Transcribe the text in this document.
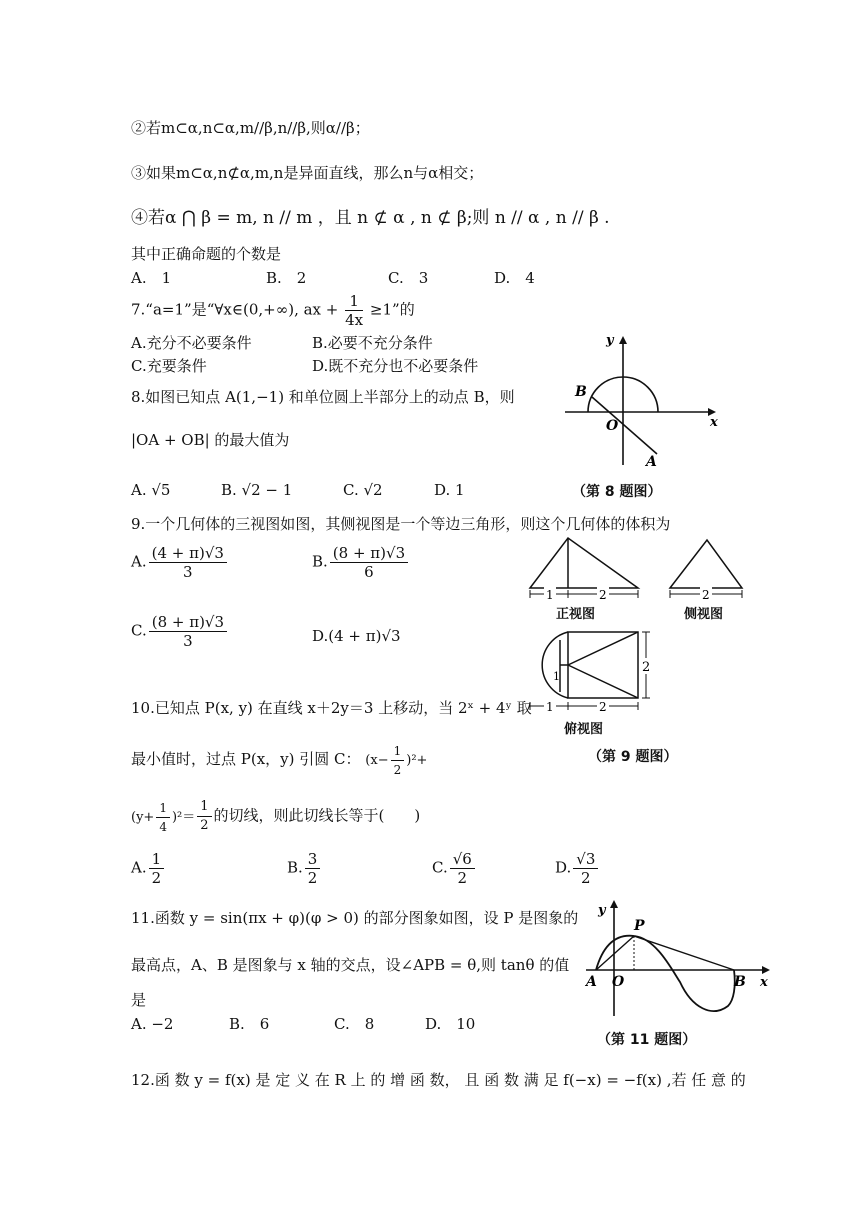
②若m⊂α,n⊂α,m//β,n//β,则α//β；
③如果m⊂α,n⊄α,m,n是异面直线，那么n与α相交；
④若α ⋂ β = m, n // m ，且 n ⊄ α , n ⊄ β;则 n // α , n // β .
其中正确命题的个数是
A.　1	B.　2	C.　3	D.　4
7.“a=1”是“∀x∈(0,+∞), ax + $\frac{1}{4x} \ge 1$”的
A.充分不必要条件	B.必要不充分条件
C.充要条件	D.既不充分也不必要条件
8.如图已知点 A(1,−1) 和单位圆上半部分上的动点 B，则
|OA + OB| 的最大值为
A. √5	B. √2 − 1	C. √2	D. 1
y
x
B
O
A
（第 8 题图）
9.一个几何体的三视图如图，其侧视图是一个等边三角形，则这个几何体的体积为
A. $\frac{(4 + \pi)√3}{3}$	B. $\frac{(8 + \pi)√3}{6}$
C. $\frac{(8 + \pi)√3}{3}$	D.(4 + π)√3
1	2	2
2
1
1	2
正视图	侧视图
俯视图
（第 9 题图）
10.已知点 P(x, y) 在直线 x＋2y＝3 上移动，当 2ˣ + 4ʸ 取
最小值时，过点 P(x，y) 引圆 C： $(x- \frac{1}{2} )^2+$
$(y+ \frac{1}{4} )^2= \frac{1}{2}$ 的切线，则此切线长等于(　　)
A. $\frac{1}{2}$	B. $\frac{3}{2}$	C. $\frac{√6}{2}$	D. $\frac{√3}{2}$
11.函数 y = sin(πx + φ)(φ > 0) 的部分图象如图，设 P 是图象的
最高点，A、B 是图象与 x 轴的交点，设∠APB = θ,则 tanθ 的值
是
A. −2	B.　6	C.　8	D.　10
y
P
A O	B x
（第 11 题图）
12.函 数 y = f(x) 是 定 义 在 R 上 的 增 函 数， 且 函 数 满 足 f(−x) = −f(x) ,若 任 意 的
